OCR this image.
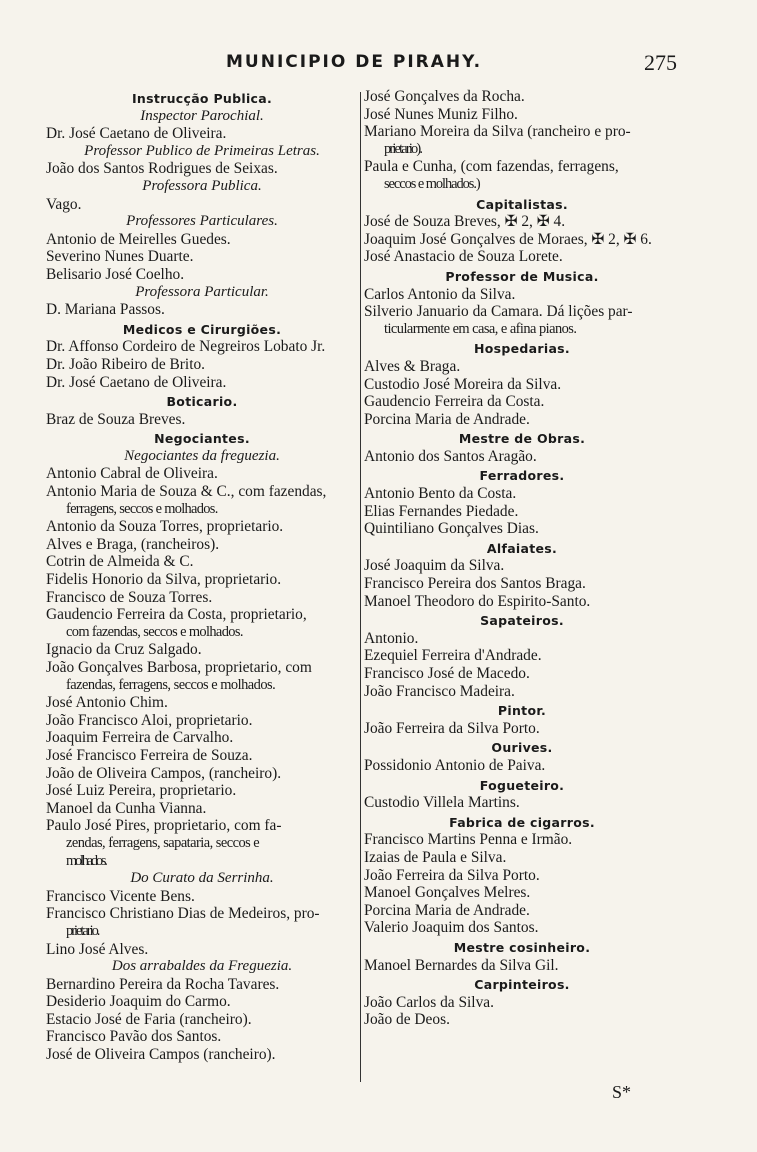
MUNICIPIO DE PIRAHY.	275
Instrucção Publica.
Inspector Parochial.
Dr. José Caetano de Oliveira.
Professor Publico de Primeiras Letras.
João dos Santos Rodrigues de Seixas.
Professora Publica.
Vago.
Professores Particulares.
Antonio de Meirelles Guedes.
Severino Nunes Duarte.
Belisario José Coelho.
Professora Particular.
D. Mariana Passos.
Medicos e Cirurgiões.
Dr. Affonso Cordeiro de Negreiros Lobato Jr.
Dr. João Ribeiro de Brito.
Dr. José Caetano de Oliveira.
Boticario.
Braz de Souza Breves.
Negociantes.
Negociantes da freguezia.
Antonio Cabral de Oliveira.
Antonio Maria de Souza & C., com fazendas,
ferragens, seccos e molhados.
Antonio da Souza Torres, proprietario.
Alves e Braga, (rancheiros).
Cotrin de Almeida & C.
Fidelis Honorio da Silva, proprietario.
Francisco de Souza Torres.
Gaudencio Ferreira da Costa, proprietario,
com fazendas, seccos e molhados.
Ignacio da Cruz Salgado.
João Gonçalves Barbosa, proprietario, com
fazendas, ferragens, seccos e molhados.
José Antonio Chim.
João Francisco Aloi, proprietario.
Joaquim Ferreira de Carvalho.
José Francisco Ferreira de Souza.
João de Oliveira Campos, (rancheiro).
José Luiz Pereira, proprietario.
Manoel da Cunha Vianna.
Paulo José Pires, proprietario, com fa-
zendas, ferragens, sapataria, seccos e
molhados.
Do Curato da Serrinha.
Francisco Vicente Bens.
Francisco Christiano Dias de Medeiros, pro-
prietario.
Lino José Alves.
Dos arrabaldes da Freguezia.
Bernardino Pereira da Rocha Tavares.
Desiderio Joaquim do Carmo.
Estacio José de Faria (rancheiro).
Francisco Pavão dos Santos.
José de Oliveira Campos (rancheiro).
José Gonçalves da Rocha.
José Nunes Muniz Filho.
Mariano Moreira da Silva (rancheiro e pro-
prietario).
Paula e Cunha, (com fazendas, ferragens,
seccos e molhados.)
Capitalistas.
José de Souza Breves, ✠ 2, ✠ 4.
Joaquim José Gonçalves de Moraes, ✠ 2, ✠ 6.
José Anastacio de Souza Lorete.
Professor de Musica.
Carlos Antonio da Silva.
Silverio Januario da Camara. Dá lições par-
ticularmente em casa, e afina pianos.
Hospedarias.
Alves & Braga.
Custodio José Moreira da Silva.
Gaudencio Ferreira da Costa.
Porcina Maria de Andrade.
Mestre de Obras.
Antonio dos Santos Aragão.
Ferradores.
Antonio Bento da Costa.
Elias Fernandes Piedade.
Quintiliano Gonçalves Dias.
Alfaiates.
José Joaquim da Silva.
Francisco Pereira dos Santos Braga.
Manoel Theodoro do Espirito-Santo.
Sapateiros.
Antonio.
Ezequiel Ferreira d'Andrade.
Francisco José de Macedo.
João Francisco Madeira.
Pintor.
João Ferreira da Silva Porto.
Ourives.
Possidonio Antonio de Paiva.
Fogueteiro.
Custodio Villela Martins.
Fabrica de cigarros.
Francisco Martins Penna e Irmão.
Izaias de Paula e Silva.
João Ferreira da Silva Porto.
Manoel Gonçalves Melres.
Porcina Maria de Andrade.
Valerio Joaquim dos Santos.
Mestre cosinheiro.
Manoel Bernardes da Silva Gil.
Carpinteiros.
João Carlos da Silva.
João de Deos.
S*
